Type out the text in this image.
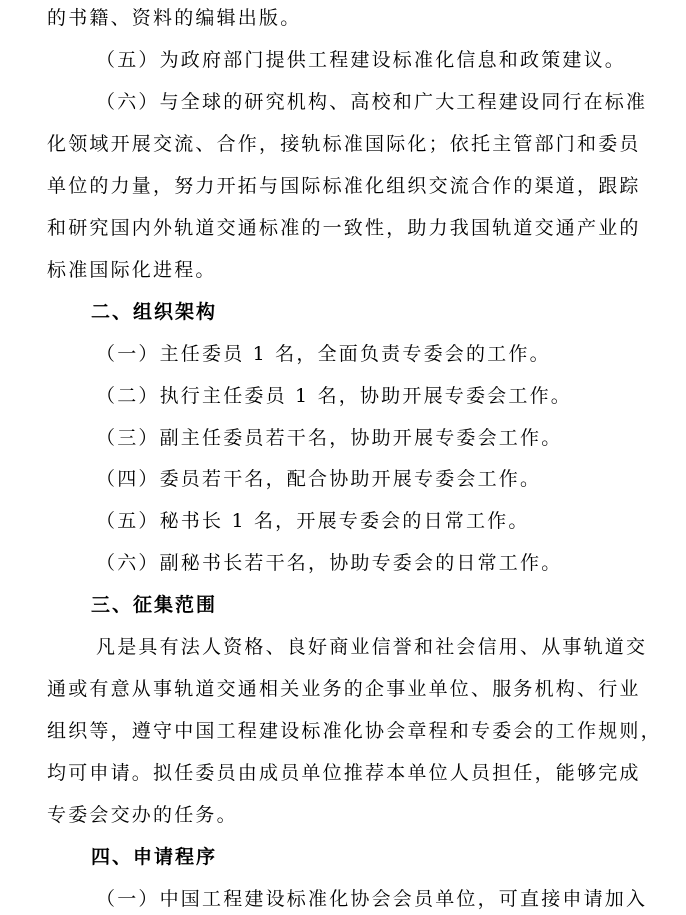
的书籍、资料的编辑出版。
（五）为政府部门提供工程建设标准化信息和政策建议。
（六）与全球的研究机构、高校和广大工程建设同行在标准
化领域开展交流、合作，接轨标准国际化；依托主管部门和委员
单位的力量，努力开拓与国际标准化组织交流合作的渠道，跟踪
和研究国内外轨道交通标准的一致性，助力我国轨道交通产业的
标准国际化进程。
二、组织架构
（一）主任委员 1 名，全面负责专委会的工作。
（二）执行主任委员 1 名，协助开展专委会工作。
（三）副主任委员若干名，协助开展专委会工作。
（四）委员若干名，配合协助开展专委会工作。
（五）秘书长 1 名，开展专委会的日常工作。
（六）副秘书长若干名，协助专委会的日常工作。
三、征集范围
凡是具有法人资格、良好商业信誉和社会信用、从事轨道交
通或有意从事轨道交通相关业务的企事业单位、服务机构、行业
组织等，遵守中国工程建设标准化协会章程和专委会的工作规则，
均可申请。拟任委员由成员单位推荐本单位人员担任，能够完成
专委会交办的任务。
四、申请程序
（一）中国工程建设标准化协会会员单位，可直接申请加入
